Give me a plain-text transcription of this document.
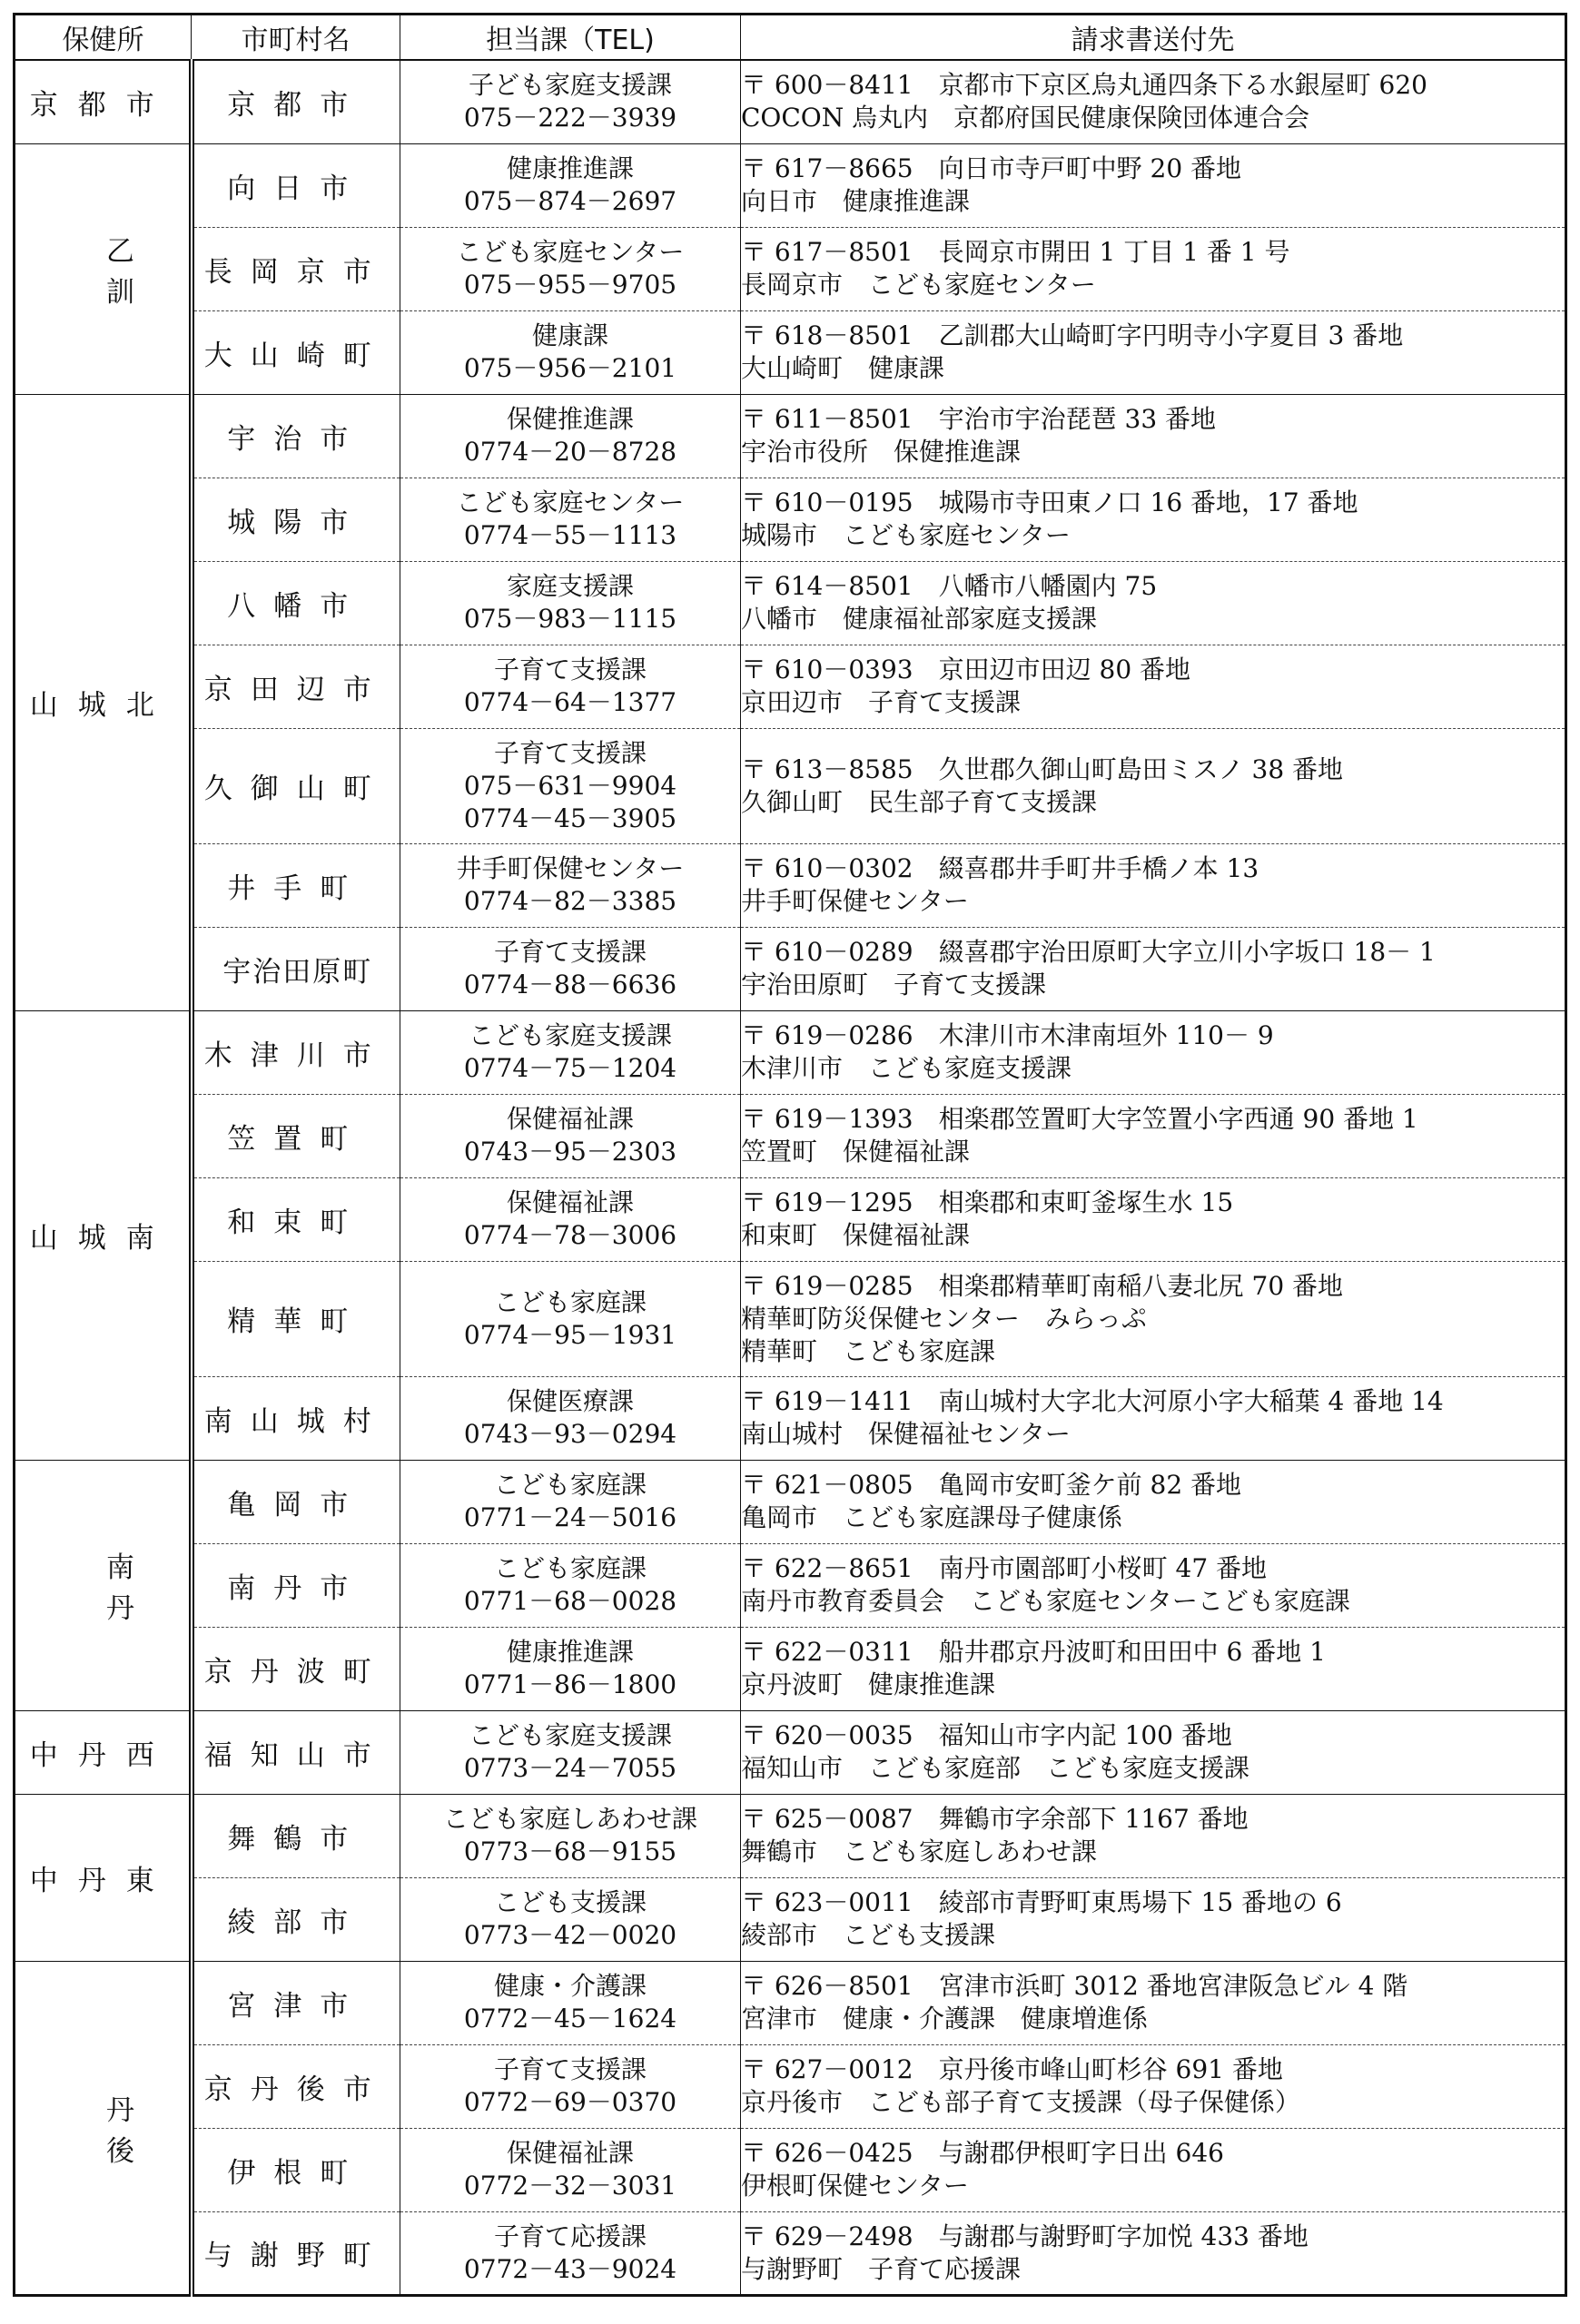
保健所	市町村名	担当課（TEL)	請求書送付先
京都市	京都市	子ども家庭支援課
075－222－3939	〒 600－8411　京都市下京区烏丸通四条下る水銀屋町 620
COCON 烏丸内　京都府国民健康保険団体連合会

乙訓	向日市	健康推進課
075－874－2697	〒 617－8665　向日市寺戸町中野 20 番地
向日市　健康推進課

	長岡京市	こども家庭センター
075－955－9705	〒 617－8501　長岡京市開田 1 丁目 1 番 1 号
長岡京市　こども家庭センター

	大山崎町	健康課
075－956－2101	〒 618－8501　乙訓郡大山崎町字円明寺小字夏目 3 番地
大山崎町　健康課

山城北	宇治市	保健推進課
0774－20－8728	〒 611－8501　宇治市宇治琵琶 33 番地
宇治市役所　保健推進課

	城陽市	こども家庭センター
0774－55－1113	〒 610－0195　城陽市寺田東ノ口 16 番地，17 番地
城陽市　こども家庭センター

	八幡市	家庭支援課
075－983－1115	〒 614－8501　八幡市八幡園内 75
八幡市　健康福祉部家庭支援課

	京田辺市	子育て支援課
0774－64－1377	〒 610－0393　京田辺市田辺 80 番地
京田辺市　子育て支援課

	久御山町	子育て支援課
075－631－9904
0774－45－3905	〒 613－8585　久世郡久御山町島田ミスノ 38 番地
久御山町　民生部子育て支援課

	井手町	井手町保健センター
0774－82－3385	〒 610－0302　綴喜郡井手町井手橋ノ本 13
井手町保健センター

	宇治田原町	子育て支援課
0774－88－6636	〒 610－0289　綴喜郡宇治田原町大字立川小字坂口 18－ 1
宇治田原町　子育て支援課

山城南	木津川市	こども家庭支援課
0774－75－1204	〒 619－0286　木津川市木津南垣外 110－ 9
木津川市　こども家庭支援課

	笠置町	保健福祉課
0743－95－2303	〒 619－1393　相楽郡笠置町大字笠置小字西通 90 番地 1
笠置町　保健福祉課

	和束町	保健福祉課
0774－78－3006	〒 619－1295　相楽郡和束町釜塚生水 15
和束町　保健福祉課

	精華町	こども家庭課
0774－95－1931	〒 619－0285　相楽郡精華町南稲八妻北尻 70 番地
精華町防災保健センター　みらっぷ
精華町　こども家庭課

	南山城村	保健医療課
0743－93－0294	〒 619－1411　南山城村大字北大河原小字大稲葉 4 番地 14
南山城村　保健福祉センター

南丹	亀岡市	こども家庭課
0771－24－5016	〒 621－0805　亀岡市安町釜ケ前 82 番地
亀岡市　こども家庭課母子健康係

	南丹市	こども家庭課
0771－68－0028	〒 622－8651　南丹市園部町小桜町 47 番地
南丹市教育委員会　こども家庭センターこども家庭課

	京丹波町	健康推進課
0771－86－1800	〒 622－0311　船井郡京丹波町和田田中 6 番地 1
京丹波町　健康推進課

中丹西	福知山市	こども家庭支援課
0773－24－7055	〒 620－0035　福知山市字内記 100 番地
福知山市　こども家庭部　こども家庭支援課

中丹東	舞鶴市	こども家庭しあわせ課
0773－68－9155	〒 625－0087　舞鶴市字余部下 1167 番地
舞鶴市　こども家庭しあわせ課

	綾部市	こども支援課
0773－42－0020	〒 623－0011　綾部市青野町東馬場下 15 番地の 6
綾部市　こども支援課

丹後	宮津市	健康・介護課
0772－45－1624	〒 626－8501　宮津市浜町 3012 番地宮津阪急ビル 4 階
宮津市　健康・介護課　健康増進係

	京丹後市	子育て支援課
0772－69－0370	〒 627－0012　京丹後市峰山町杉谷 691 番地
京丹後市　こども部子育て支援課（母子保健係）

	伊根町	保健福祉課
0772－32－3031	〒 626－0425　与謝郡伊根町字日出 646
伊根町保健センター

	与謝野町	子育て応援課
0772－43－9024	〒 629－2498　与謝郡与謝野町字加悦 433 番地
与謝野町　子育て応援課
